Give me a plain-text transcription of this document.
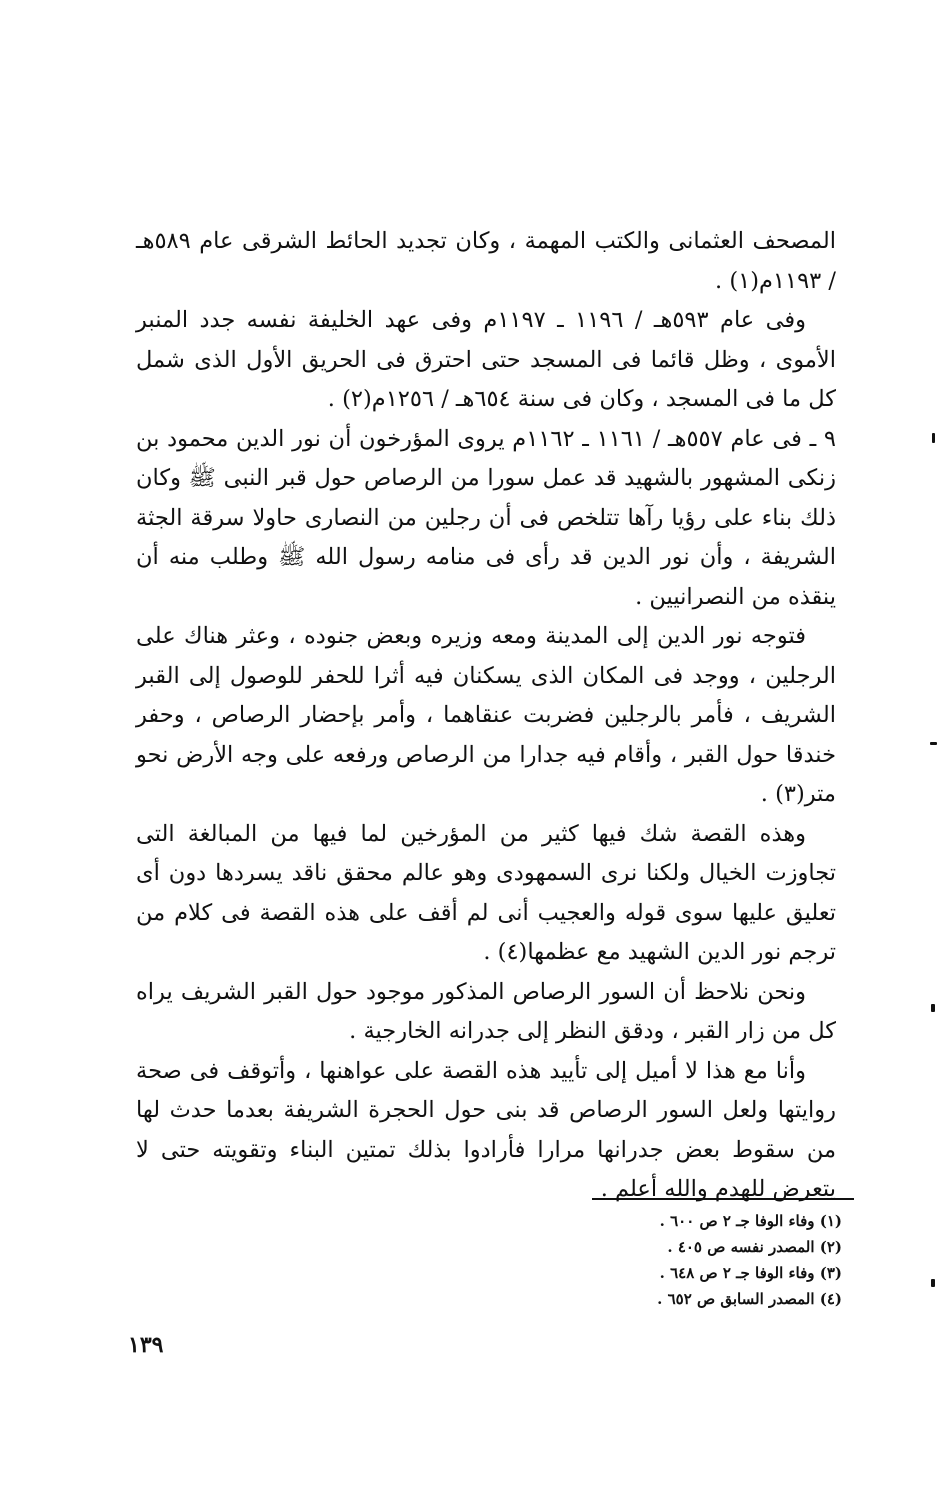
المصحف العثمانى والكتب المهمة ، وكان تجديد الحائط الشرقى عام ٥٨٩هـ / ١١٩٣م(١) .

وفى عام ٥٩٣هـ / ١١٩٦ ـ ١١٩٧م وفى عهد الخليفة نفسه جدد المنبر الأموى ، وظل قائما فى المسجد حتى احترق فى الحريق الأول الذى شمل كل ما فى المسجد ، وكان فى سنة ٦٥٤هـ / ١٢٥٦م(٢) .

٩ ـ فى عام ٥٥٧هـ / ١١٦١ ـ ١١٦٢م يروى المؤرخون أن نور الدين محمود بن زنكى المشهور بالشهيد قد عمل سورا من الرصاص حول قبر النبى ﷺ وكان ذلك بناء على رؤيا رآها تتلخص فى أن رجلين من النصارى حاولا سرقة الجثة الشريفة ، وأن نور الدين قد رأى فى منامه رسول الله ﷺ وطلب منه أن ينقذه من النصرانيين .

فتوجه نور الدين إلى المدينة ومعه وزيره وبعض جنوده ، وعثر هناك على الرجلين ، ووجد فى المكان الذى يسكنان فيه أثرا للحفر للوصول إلى القبر الشريف ، فأمر بالرجلين فضربت عنقاهما ، وأمر بإحضار الرصاص ، وحفر خندقا حول القبر ، وأقام فيه جدارا من الرصاص ورفعه على وجه الأرض نحو متر(٣) .

وهذه القصة شك فيها كثير من المؤرخين لما فيها من المبالغة التى تجاوزت الخيال ولكنا نرى السمهودى وهو عالم محقق ناقد يسردها دون أى تعليق عليها سوى قوله والعجيب أنى لم أقف على هذه القصة فى كلام من ترجم نور الدين الشهيد مع عظمها(٤) .

ونحن نلاحظ أن السور الرصاص المذكور موجود حول القبر الشريف يراه كل من زار القبر ، ودقق النظر إلى جدرانه الخارجية .

وأنا مع هذا لا أميل إلى تأييد هذه القصة على عواهنها ، وأتوقف فى صحة روايتها ولعل السور الرصاص قد بنى حول الحجرة الشريفة بعدما حدث لها من سقوط بعض جدرانها مرارا فأرادوا بذلك تمتين البناء وتقويته حتى لا يتعرض للهدم والله أعلم .

(١) وفاء الوفا جـ ٢ ص ٦٠٠ .

(٢) المصدر نفسه ص ٤٠٥ .

(٣) وفاء الوفا جـ ٢ ص ٦٤٨ .

(٤) المصدر السابق ص ٦٥٢ .

١٣٩
